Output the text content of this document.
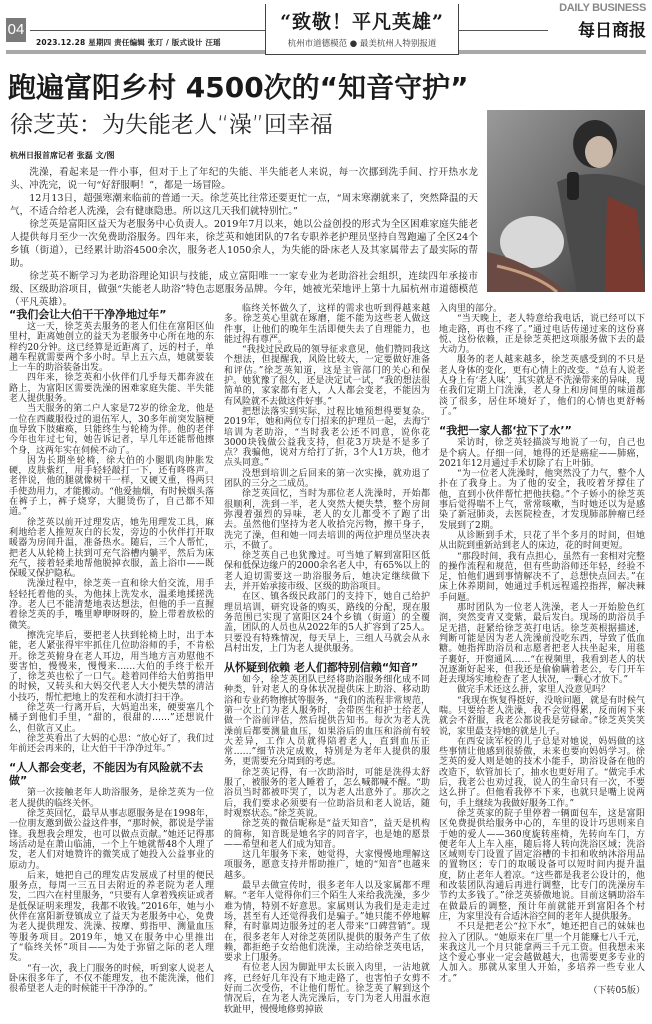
04
2023.12.28 星期四 责任编辑 张玎 / 版式设计 汪瑶
“致敬！平凡英雄”
杭州市道德模范 ● 最美杭州人特别报道
DAILY BUSINESS
每日商报
跑遍富阳乡村 4500次的“知音守护”
徐芝英：为失能老人“澡”回幸福
杭州日报首席记者 张磊 文/图

洗澡，看起来是一件小事，但对于上了年纪的失能、半失能老人来说，每一次挪到洗手间、拧开热水龙头、冲洗完，说一句“好舒服啊！”，都是一场冒险。

12月13日，超强寒潮来临前的普通一天。徐芝英比往常还要更忙一点，“周末寒潮就来了，突然降温的天气，不适合给老人洗澡，会有健康隐患。所以这几天我们就特别忙。”

徐芝英是富阳区益天为老服务中心负责人。2019年7月以来，她以公益创投的形式为全区困难家庭失能老人提供每月至少一次免费助浴服务。四年来，徐芝英和她团队的7名专职养老护理员坚持自驾跑遍了全区24个乡镇（街道），已经累计助浴4500余次，服务老人1050余人，为失能的卧床老人及其家属带去了最实际的帮助。

徐芝英不断学习为老助浴理论知识与技能，成立富阳唯一一家专业为老助浴社会组织，连续四年承接市级、区级助浴项目，做强“失能老人助浴”特色志愿服务品牌。今年，她被光荣地评上第十九届杭州市道德模范（平凡英雄）。

“我们会让大伯干干净净地过年”

这一天，徐芝英去服务的老人们住在富阳区仙里村，距离她创立的益天为老服务中心所在地的东梓约20分钟。这已经算是近距离了，远的村子，单趟车程就需要两个多小时。早上五六点，她就要装上一车的助浴装备出发。

四年来，徐芝英和小伙伴们几乎每天都奔波在路上，为富阳区需要洗澡的困难家庭失能、半失能老人提供服务。

当天服务的第二户人家是72岁的徐金龙，他是一位在西藏服役过的退伍军人，30多年前突发脑梗血导致下肢瘫痪，只能终生与轮椅为伴。他的老伴今年也年过七旬，她告诉记者，早几年还能帮他擦个身，这两年实在伺候不动了。

因为长期坐轮椅，徐大伯的小腿肌肉肿胀发硬，皮肤紫红，用手轻轻敲打一下，还有咚咚声。老伴说，他的腿就像树干一样，又硬又重，得两只手使劲用力，才能搬动。“他爱抽烟，有时候烟头落在裤子上，裤子烧穿，大腿烫伤了，自己都不知道。”

徐芝英以前开过理发店，她先用理发工具，麻利地给老人推短灰白的长发，旁边的小伙伴打开取暖器为房间升温，准备热水。随后，三个人帮忙，把老人从轮椅上扶到可充气浴槽内躺平，然后为床充气，接着轻柔地帮他脱掉衣服，盖上浴巾——既保暖又保护隐私。

洗澡过程中，徐芝英一直和徐大伯交流，用手轻轻托着他的头，为他抹上洗发水，温柔地揉搓洗净。老人已不能清楚地表达想法，但他的手一直握着徐芝英的手，嘴里咿咿呀呀的，脸上带着放松的微笑。

擦洗完毕后，要把老人扶到轮椅上时，出于本能，老人紧张得牢牢抓住几位助浴师的手，不肯松开。徐芝英俯身在老人耳边，用当地方言劝慰他不要害怕，慢慢来，慢慢来……大伯的手终于松开了，徐芝英也松了一口气。趁着同伴给大伯剪指甲的时候，又转头和大妈交代老人大小便失禁的清洁小技巧，帮忙把地上的发茬和水渍打扫干净。

徐芝英一行离开后，大妈追出来，硬要塞几个橘子到他们手里，“甜的，很甜的……”还想说什么，但欲言又止。

徐芝英看出了大妈的心思：“放心好了，我们过年前还会再来的，让大伯干干净净过年。”

“人人都会变老，不能因为有风险就不去做”

第一次接触老年人助浴服务，是徐芝英为一位老人提供的临终关怀。

徐芝英回忆，最早从事志愿服务是在1998年，一位朋友邀到做公益这件事，“那时候，都说是学雷锋。我想我会理发，也可以做点贡献。”她还记得那场活动是在萧山临浦，一个上午她就帮48个人理了发，老人们对她赞许的微笑成了她投入公益事业的原动力。

后来，她把自己的理发店发展成了村里的便民服务点，每周一三五日去附近的养老院为老人理发，二四六在村里服务，“只要有人拿着残疾证或者是低保证明来理发，我都不收钱。”2016年，她与小伙伴在富阳新登镇成立了益天为老服务中心，免费为老人提供理发、洗澡、按摩、剪指甲、测量血压等服务项目。2019年，她又在服务中心里推出了“临终关怀”项目——为处于弥留之际的老人理发。

“有一次，我上门服务的时候，听到家人说老人卧床很多年了，不仅不能理发，也不能洗澡，他们很希望老人走的时候能干干净净的。”

临终关怀做久了，这样的需求也听到得越来越多。徐芝英心里就在琢磨，能不能为这些老人做这件事，让他们的晚年生活即便失去了自理能力，也能过得有尊严。

“我找过民政局的领导征求意见，他们赞同我这个想法，但提醒我，风险比较大，一定要做好准备和评估。”徐芝英知道，这是主管部门的关心和保护。她犹豫了很久，还是决定试一试，“我的想法很简单的，家家都有老人，人人都会变老，不能因为有风险就不去做这件好事。”

把想法落实到实际，过程比她预想得要复杂。2019年，她和两位专门招来的护理员一起，去海宁培训为老助浴，“当时我老公还不同意，说你花3000块钱做公益我支持，但花3万块是不是多了点？我骗他，说对方给打了折，3个人1万块，他才点头同意。”

没想到培训之后回来的第一次实操，就劝退了团队的三分之二成员。

徐芝英回忆，当时为那位老人洗澡时，开始都很顺利，洗到一半，老人突然大便失禁，整个房间弥漫着强烈的异味，老人的女儿都受不了跑了出去。虽然他们坚持为老人收拾完污物，擦干身子，洗完了澡，但和她一同去培训的两位护理员坚决表示，不做了。

徐芝英自己也犹豫过。可当她了解到富阳区低保和低保边缘户的2000余名老人中，有65%以上的老人迫切需要这一助浴服务后，她决定继续做下去，并开始承接市级、区级的助浴项目。

在区、镇各级民政部门的支持下，她自己给护理员培训，研究设备的购买，路线的分配，现在服务范围已实现了富阳区24个乡镇（街道）的全覆盖，团队的人员也从2022年的5人扩容到了25人。只要没有特殊情况，每天早上，三组人马就会从永昌村出发，上门为老人提供服务。

从怀疑到依赖 老人们都特别信赖“知音”

如今，徐芝英团队已经将助浴服务细化成不同种类，针对老人的身体状况提供床上助浴、移动助浴和专业药物擦拭等服务，“我们的流程非常规范，第一次上门为老人服务时，会带医生和护士给老人做一个浴前评估，然后提供告知书。每次为老人洗澡前后都要测量血压，如果浴后的血压和浴前有较大差异，工作人员就得陪着老人，直到血压正常……”细节决定成败，特别是为老年人提供的服务，更需要充分周到的考虑。

徐芝英记得，有一次助浴时，可能是洗得太舒服了，被服务的老人睡着了，怎么喊都喊不醒。“助浴员当时都被吓哭了，以为老人出意外了。那次之后，我们要求必须要有一位助浴员和老人说话，随时观察状态。”徐芝英说。

徐芝英的微信昵称是“益天知音”，益天是机构的简称，知音既是她名字的同音字，也是她的愿景——希望和老人们成为知音。

这几年服务下来，她觉得，大家慢慢地理解这项服务，愿意支持并帮助推广，她的“知音”也越来越多。

最早去做宣传时，很多老年人以及家属都不理解。“老年人觉得你们三个陌生人来给我洗澡，多少难为情，特别不好意思。家属则认为我们是走走过场，甚至有人还觉得我们是骗子。”她只能不停地解释，有时靠周边服务过的老人带来“口碑营销”。现在，很多老年人对徐芝英团队提供的服务产生了依赖，都拒绝子女给他们洗澡，主动给徐芝英电话，要求上门服务。

有位老人因为脚趾甲太长嵌入肉里，一沾地就疼，已经好几年没有下地走路了，也害怕子女剪不好而二次受伤，不让他们帮忙。徐芝英了解到这个情况后，在为老人洗完澡后，专门为老人用温水泡软趾甲，慢慢地修剪掉嵌

入肉里的部分。

“当天晚上，老人特意给我电话，说已经可以下地走路，再也不疼了。”通过电话传递过来的这份喜悦、这份依赖，正是徐芝英把这项服务做下去的最大动力。

服务的老人越来越多，徐芝英感受到的不只是老人身体的变化，更有心情上的改变。“总有人说老人身上有‘老人味’，其实就是不洗澡带来的异味，现在我们定期上门洗澡，老人身上和房间里的味道都淡了很多，居住环境好了，他们的心情也更舒畅了。”

“我把一家人都‘拉下了水’”

采访时，徐芝英轻描淡写地说了一句，自己也是个病人。仔细一问，她得的还是癌症——肺癌，2021年12月通过手术切除了右上叶肺。

“为一位老人洗澡时，他突然没了力气，整个人扑在了我身上。为了他的安全，我咬着牙撑住了他，直到小伙伴帮忙把他扶稳。”个子娇小的徐芝英事后觉得喘不上气，常常咳嗽，当时她还以为是感染了新冠肺炎，去医院检查，才发现肺部肿瘤已经发展到了2期。

从诊断到手术，只花了半个多月的时间，但她从出院到重新站到老人的床边，花的时间更短。

“那段时间，我有点担心，虽然有一套相对完整的操作流程和规范，但有些助浴师还年轻，经验不足，怕他们遇到事情解决不了，总想快点回去。”在床上休养期间，她通过手机远程遥控指挥，解决棘手问题。

那时团队为一位老人洗澡，老人一开始脸色红润，突然变青又变紫，最后发白。现场的助浴员手足无措，赶紧给徐芝英打电话。徐芝英根据描述，判断可能是因为老人洗澡前没吃东西，导致了低血糖。她指挥助浴员和志愿者把老人扶坐起来，用毯子裹好，开窗通风……“在视频里，我看到老人的状况逐渐好起来，但我还是偷偷瞒着老公，专门开车赶去现场实地检查了老人状况，一颗心才放下。”

做完手术还这么拼，家里人没意见吗？

“我现在恢复得挺好，没啥问题，就是有时候气喘。只要给老人洗澡，我不会觉得累，反而闲下来就会不舒服，我老公都说我是劳碌命。”徐芝英笑笑说，家里最支持她的就是儿子。

在西安读军校的儿子总是对她说，妈妈做的这些事情让他感到很骄傲，未来也要向妈妈学习。徐芝英的爱人则是她的技术小能手，助浴设备在他的改造下，软管加长了，抽水也更好用了。“做完手术后，我老公也劝过我，说人的生命只有一次，不要这么拼了。但他看我停不下来，也就只是嘴上说两句，手上继续为我做好服务工作。”

徐芝英家的院子里停着一辆面包车，这是富阳区免费提供给服务中心的，车里的设计巧思则来自于她的爱人——360度旋转座椅，先转向车门，方便老年人上车入座，随后将人转向洗浴区域；洗浴区域则专门设置了固定浴槽的卡扣和收纳沐浴用品的置物区；专门的取暖设备可以短时间内提升温度，防止老年人着凉。“这些都是我老公设计的，他和改装团队沟通后再进行调整，比专门的洗澡房车节约太多钱了。”徐芝英骄傲地说。目前这辆助浴车在做最后的调整，预计年前就能开到富阳各个村庄，为家里没有合适沐浴空间的老年人提供服务。

不只是把老公“拉下水”，她还把自己的妹妹也拉入了团队。“她原来在厂里一个月能赚七八千元，来我这儿一个月只能拿两三千元工资。但我想未来这个爱心事业一定会越做越大，也需要更多专业的人加入。那就从家里人开始，多培养一些专业人才。”

（下转05版）
